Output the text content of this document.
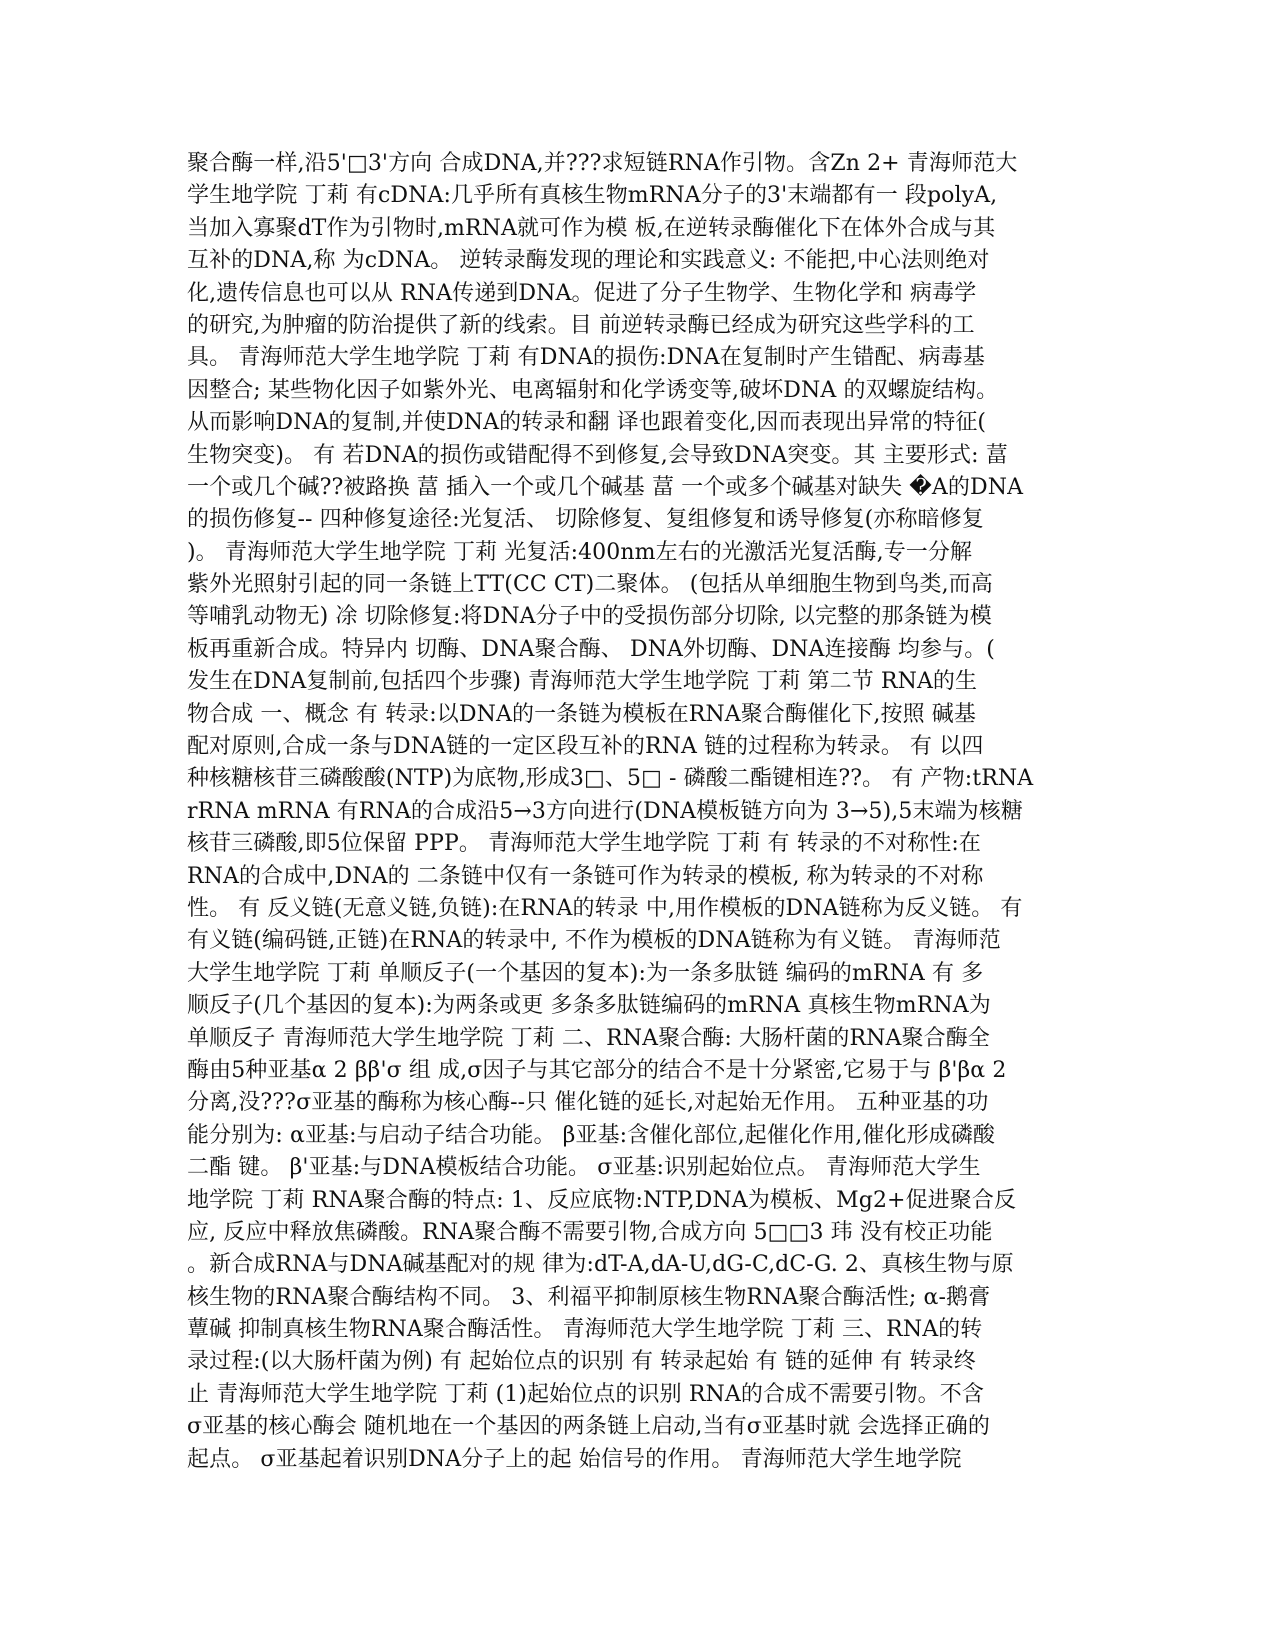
聚合酶一样,沿5'□3'方向 合成DNA,并???求短链RNA作引物。含Zn 2+ 青海师范大
学生地学院 丁莉 有cDNA:几乎所有真核生物mRNA分子的3'末端都有一 段polyA,
当加入寡聚dT作为引物时,mRNA就可作为模 板,在逆转录酶催化下在体外合成与其
互补的DNA,称 为cDNA。 逆转录酶发现的理论和实践意义: 不能把,中心法则绝对
化,遗传信息也可以从 RNA传递到DNA。促进了分子生物学、生物化学和 病毒学
的研究,为肿瘤的防治提供了新的线索。目 前逆转录酶已经成为研究这些学科的工
具。 青海师范大学生地学院 丁莉 有DNA的损伤:DNA在复制时产生错配、病毒基
因整合; 某些物化因子如紫外光、电离辐射和化学诱变等,破坏DNA 的双螺旋结构。
从而影响DNA的复制,并使DNA的转录和翻 译也跟着变化,因而表现出异常的特征(
生物突变)。 有 若DNA的损伤或错配得不到修复,会导致DNA突变。其 主要形式: 葍
一个或几个碱??被路换 葍 插入一个或几个碱基 葍 一个或多个碱基对缺失 �A的DNA
的损伤修复-- 四种修复途径:光复活、 切除修复、复组修复和诱导修复(亦称暗修复
)。 青海师范大学生地学院 丁莉 光复活:400nm左右的光激活光复活酶,专一分解
紫外光照射引起的同一条链上TT(CC CT)二聚体。 (包括从单细胞生物到鸟类,而高
等哺乳动物无) 凃 切除修复:将DNA分子中的受损伤部分切除, 以完整的那条链为模
板再重新合成。特异内 切酶、DNA聚合酶、 DNA外切酶、DNA连接酶 均参与。(
发生在DNA复制前,包括四个步骤) 青海师范大学生地学院 丁莉 第二节 RNA的生
物合成 一、概念 有 转录:以DNA的一条链为模板在RNA聚合酶催化下,按照 碱基
配对原则,合成一条与DNA链的一定区段互补的RNA 链的过程称为转录。 有 以四
种核糖核苷三磷酸酸(NTP)为底物,形成3□、5□ - 磷酸二酯键相连??。 有 产物:tRNA
rRNA mRNA 有RNA的合成沿5→3方向进行(DNA模板链方向为 3→5),5末端为核糖
核苷三磷酸,即5位保留 PPP。 青海师范大学生地学院 丁莉 有 转录的不对称性:在
RNA的合成中,DNA的 二条链中仅有一条链可作为转录的模板, 称为转录的不对称
性。 有 反义链(无意义链,负链):在RNA的转录 中,用作模板的DNA链称为反义链。 有
有义链(编码链,正链)在RNA的转录中, 不作为模板的DNA链称为有义链。 青海师范
大学生地学院 丁莉 单顺反子(一个基因的复本):为一条多肽链 编码的mRNA 有 多
顺反子(几个基因的复本):为两条或更 多条多肽链编码的mRNA 真核生物mRNA为
单顺反子 青海师范大学生地学院 丁莉 二、RNA聚合酶: 大肠杆菌的RNA聚合酶全
酶由5种亚基α 2 ββ'σ 组 成,σ因子与其它部分的结合不是十分紧密,它易于与 β'βα 2
分离,没???σ亚基的酶称为核心酶--只 催化链的延长,对起始无作用。 五种亚基的功
能分别为: α亚基:与启动子结合功能。 β亚基:含催化部位,起催化作用,催化形成磷酸
二酯 键。 β'亚基:与DNA模板结合功能。 σ亚基:识别起始位点。 青海师范大学生
地学院 丁莉 RNA聚合酶的特点: 1、反应底物:NTP,DNA为模板、Mg2+促进聚合反
应, 反应中释放焦磷酸。RNA聚合酶不需要引物,合成方向 5□□3 玮 没有校正功能
。新合成RNA与DNA碱基配对的规 律为:dT-A,dA-U,dG-C,dC-G. 2、真核生物与原
核生物的RNA聚合酶结构不同。 3、利福平抑制原核生物RNA聚合酶活性; α-鹅膏
蕈碱 抑制真核生物RNA聚合酶活性。 青海师范大学生地学院 丁莉 三、RNA的转
录过程:(以大肠杆菌为例) 有 起始位点的识别 有 转录起始 有 链的延伸 有 转录终
止 青海师范大学生地学院 丁莉 (1)起始位点的识别 RNA的合成不需要引物。不含
σ亚基的核心酶会 随机地在一个基因的两条链上启动,当有σ亚基时就 会选择正确的
起点。 σ亚基起着识别DNA分子上的起 始信号的作用。 青海师范大学生地学院
